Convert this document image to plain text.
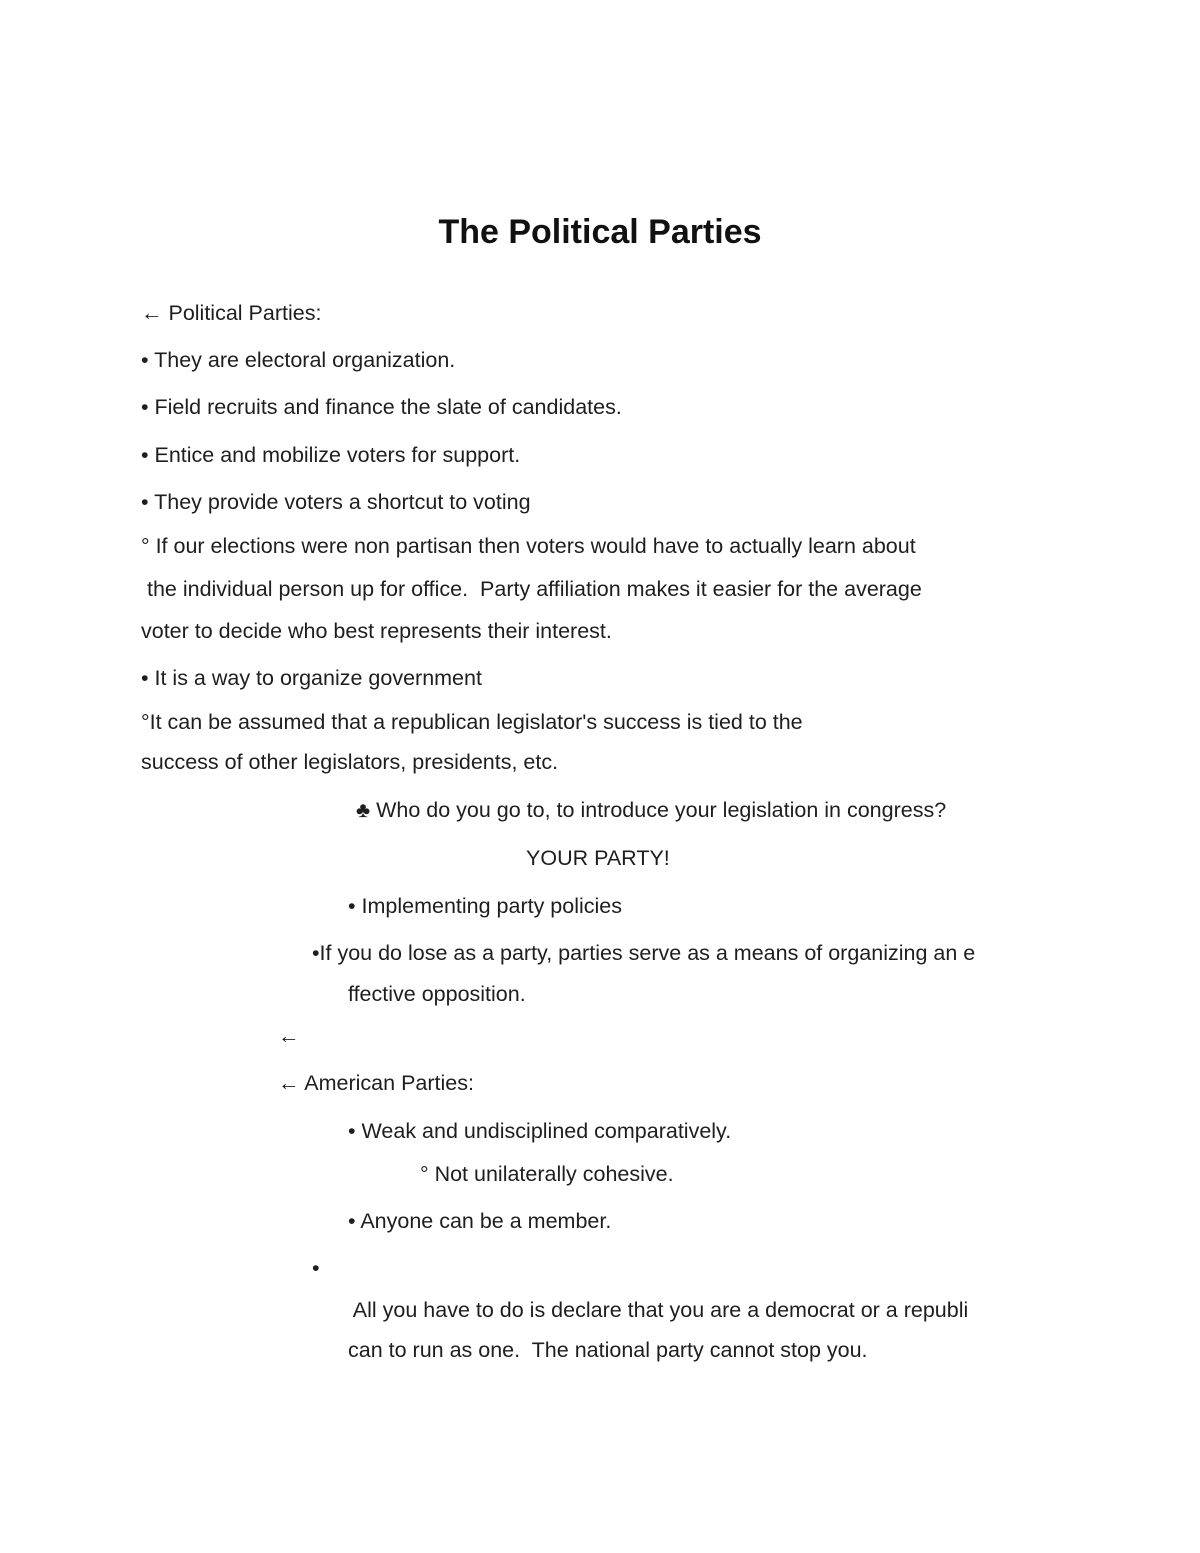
The Political Parties
← Political Parties:
• They are electoral organization.
• Field recruits and finance the slate of candidates.
• Entice and mobilize voters for support.
• They provide voters a shortcut to voting
° If our elections were non partisan then voters would have to actually learn about
the individual person up for office.  Party affiliation makes it easier for the average
voter to decide who best represents their interest.
• It is a way to organize government
°It can be assumed that a republican legislator's success is tied to the
success of other legislators, presidents, etc.
♣ Who do you go to, to introduce your legislation in congress?
YOUR PARTY!
• Implementing party policies
•If you do lose as a party, parties serve as a means of organizing an e
ffective opposition.
←
← American Parties:
• Weak and undisciplined comparatively.
° Not unilaterally cohesive.
• Anyone can be a member.
•
All you have to do is declare that you are a democrat or a republi
can to run as one.  The national party cannot stop you.
